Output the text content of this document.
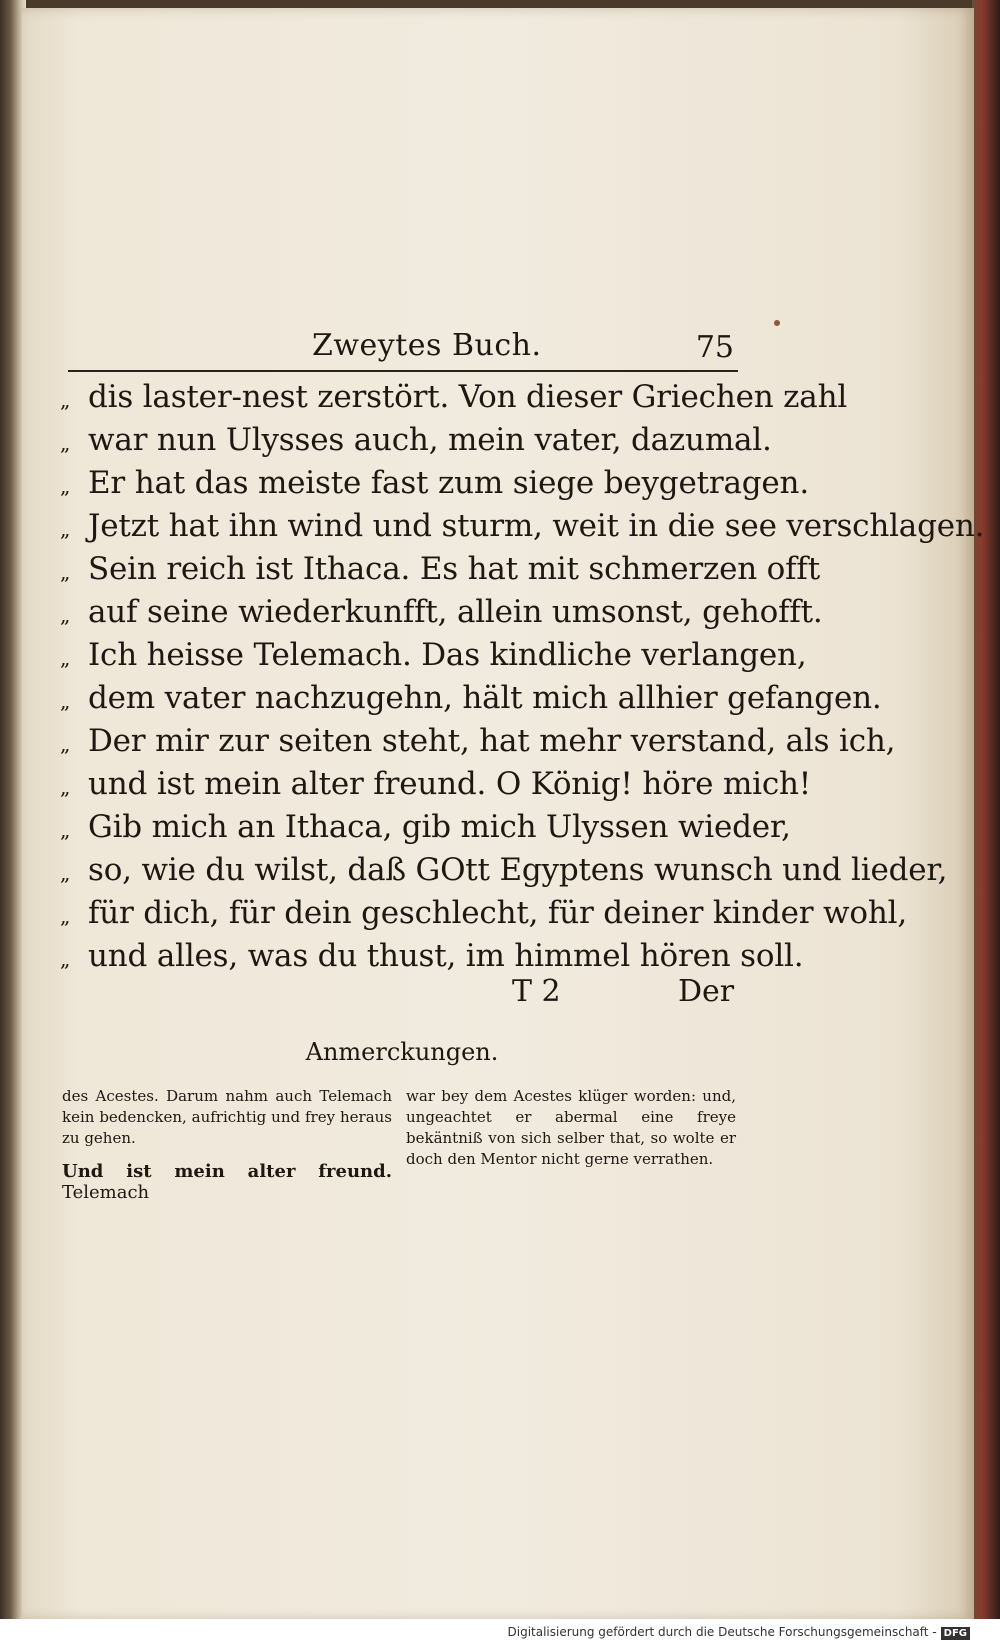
Zweytes Buch.	75
„ dis laster-nest zerstört. Von dieser Griechen zahl
„ war nun Ulysses auch, mein vater, dazumal.
„ Er hat das meiste fast zum siege beygetragen.
„ Jetzt hat ihn wind und sturm, weit in die see verschlagen.
„ Sein reich ist Ithaca. Es hat mit schmerzen offt
„ auf seine wiederkunfft, allein umsonst, gehofft.
„ Ich heisse Telemach. Das kindliche verlangen,
„ dem vater nachzugehn, hält mich allhier gefangen.
„ Der mir zur seiten steht, hat mehr verstand, als ich,
„ und ist mein alter freund. O König! höre mich!
„ Gib mich an Ithaca, gib mich Ulyssen wieder,
„ so, wie du wilst, daß GOtt Egyptens wunsch und lieder,
„ für dich, für dein geschlecht, für deiner kinder wohl,
„ und alles, was du thust, im himmel hören soll.
T 2	Der
Anmerckungen.

des Acestes. Darum nahm auch Telemach kein bedencken, aufrichtig und frey heraus zu gehen.

Und ist mein alter freund. Telemach

war bey dem Acestes klüger worden: und, ungeachtet er abermal eine freye bekäntniß von sich selber that, so wolte er doch den Mentor nicht gerne verrathen.

Digitalisierung gefördert durch die Deutsche Forschungsgemeinschaft - DFG
